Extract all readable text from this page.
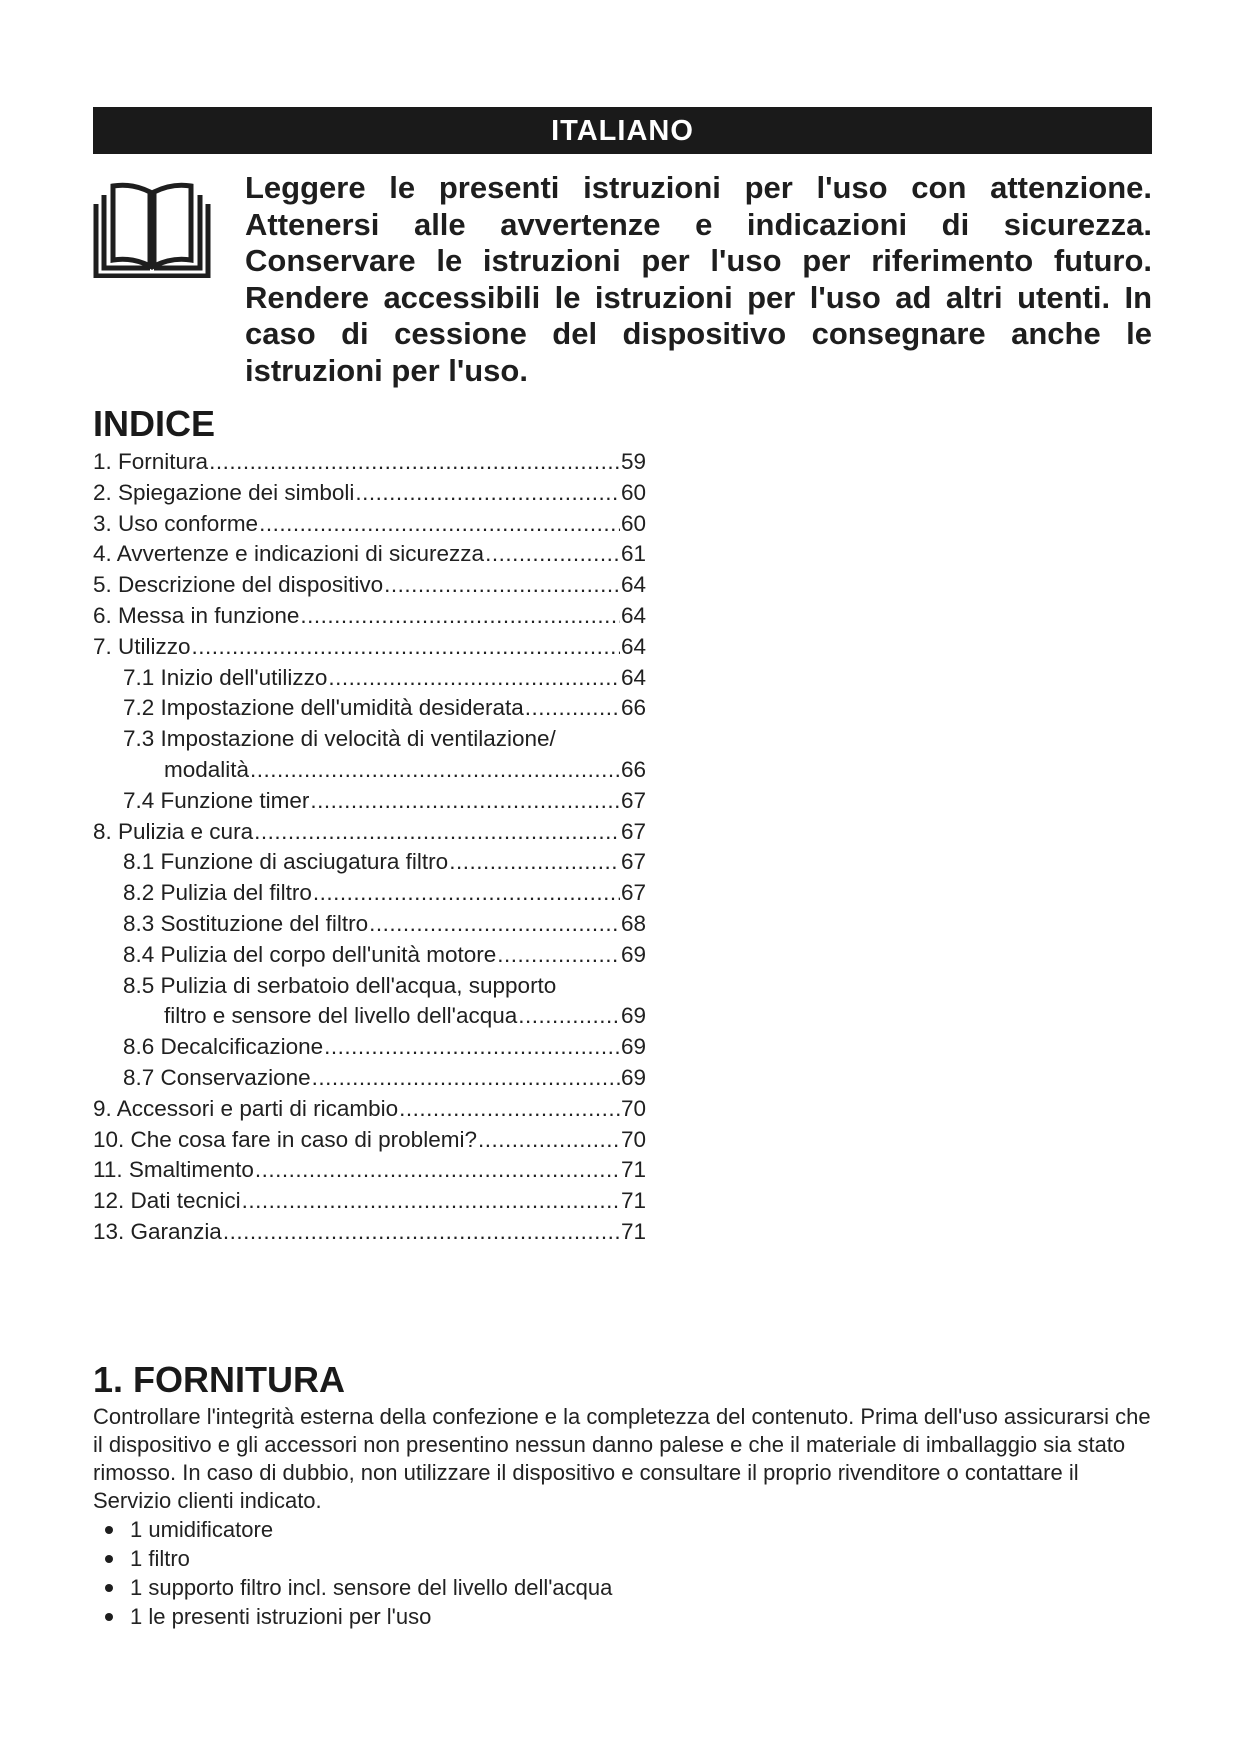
ITALIANO
Leggere le presenti istruzioni per l'uso con attenzione. Attenersi alle avvertenze e indicazioni di sicurezza. Conservare le istruzioni per l'uso per riferimento futuro. Rendere accessibili le istruzioni per l'uso ad altri utenti. In caso di cessione del dispositivo consegnare anche le istruzioni per l'uso.
INDICE
1. Fornitura .....	59
2. Spiegazione dei simboli .....	60
3. Uso conforme .....	60
4. Avvertenze e indicazioni di sicurezza .....	61
5. Descrizione del dispositivo .....	64
6. Messa in funzione .....	64
7. Utilizzo .....	64
7.1 Inizio dell'utilizzo .....	64
7.2 Impostazione dell'umidità desiderata .....	66
7.3 Impostazione di velocità di ventilazione/
modalità .....	66
7.4 Funzione timer .....	67
8. Pulizia e cura .....	67
8.1 Funzione di asciugatura filtro .....	67
8.2 Pulizia del filtro .....	67
8.3 Sostituzione del filtro .....	68
8.4 Pulizia del corpo dell'unità motore .....	69
8.5 Pulizia di serbatoio dell'acqua, supporto
filtro e sensore del livello dell'acqua .....	69
8.6 Decalcificazione .....	69
8.7 Conservazione .....	69
9. Accessori e parti di ricambio .....	70
10. Che cosa fare in caso di problemi? .....	70
11. Smaltimento .....	71
12. Dati tecnici .....	71
13. Garanzia .....	71
1. FORNITURA

Controllare l'integrità esterna della confezione e la completezza del contenuto. Prima dell'uso assicurarsi che il dispositivo e gli accessori non presentino nessun danno palese e che il materiale di imballaggio sia stato rimosso. In caso di dubbio, non utilizzare il dispositivo e consultare il proprio rivenditore o contattare il Servizio clienti indicato.

1 umidificatore
1 filtro
1 supporto filtro incl. sensore del livello dell'acqua
1 le presenti istruzioni per l'uso
